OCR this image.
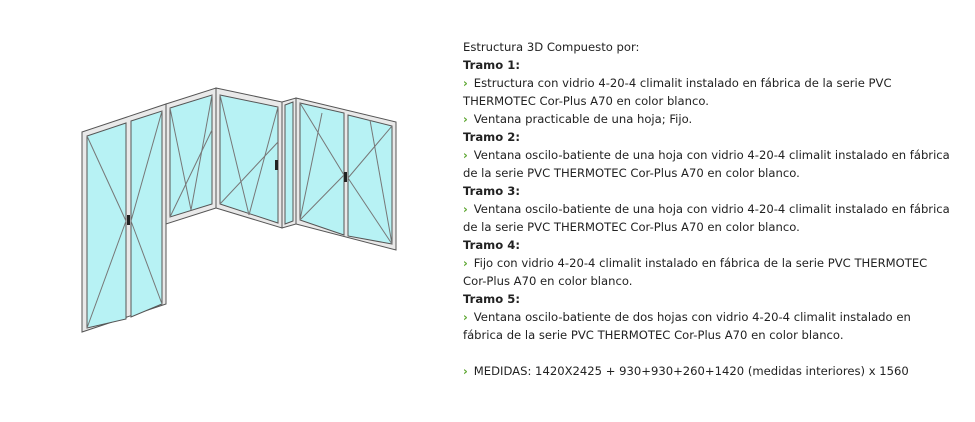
Estructura 3D Compuesto por:

Tramo 1:

› Estructura con vidrio 4-20-4 climalit instalado en fábrica de la serie PVC THERMOTEC Cor-Plus A70 en color blanco.

› Ventana practicable de una hoja; Fijo.

Tramo 2:

› Ventana oscilo-batiente de una hoja con vidrio 4-20-4 climalit instalado en fábrica de la serie PVC THERMOTEC Cor-Plus A70 en color blanco.

Tramo 3:

› Ventana oscilo-batiente de una hoja con vidrio 4-20-4 climalit instalado en fábrica de la serie PVC THERMOTEC Cor-Plus A70 en color blanco.

Tramo 4:

› Fijo con vidrio 4-20-4 climalit instalado en fábrica de la serie PVC THERMOTEC Cor-Plus A70 en color blanco.

Tramo 5:

› Ventana oscilo-batiente de dos hojas con vidrio 4-20-4 climalit instalado en fábrica de la serie PVC THERMOTEC Cor-Plus A70 en color blanco.

› MEDIDAS: 1420X2425 + 930+930+260+1420 (medidas interiores) x 1560
